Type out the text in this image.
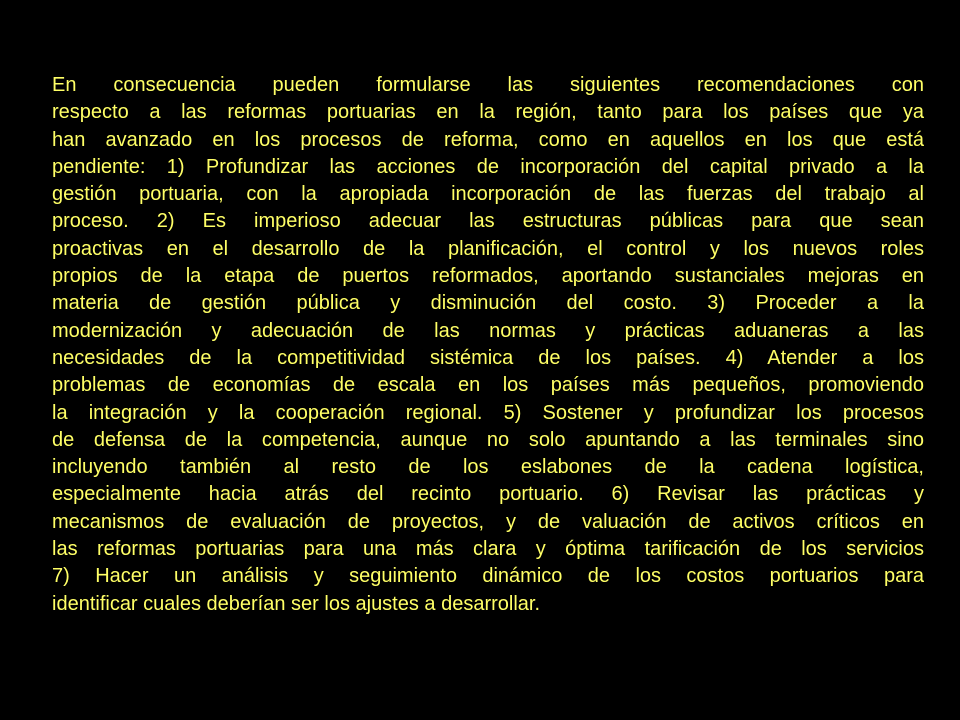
En consecuencia pueden formularse las siguientes recomendaciones con
respecto a las reformas portuarias en la región, tanto para los países que ya
han avanzado en los procesos de reforma, como en aquellos en los que está
pendiente: 1) Profundizar las acciones de incorporación del capital privado a la
gestión portuaria, con la apropiada incorporación de las fuerzas del trabajo al
proceso. 2) Es imperioso adecuar las estructuras públicas para que sean
proactivas en el desarrollo de la planificación, el control y los nuevos roles
propios de la etapa de puertos reformados, aportando sustanciales mejoras en
materia de gestión pública y disminución del costo. 3) Proceder a la
modernización y adecuación de las normas y prácticas aduaneras a las
necesidades de la competitividad sistémica de los países. 4) Atender a los
problemas de economías de escala en los países más pequeños, promoviendo
la integración y la cooperación regional. 5) Sostener y profundizar los procesos
de defensa de la competencia, aunque no solo apuntando a las terminales sino
incluyendo también al resto de los eslabones de la cadena logística,
especialmente hacia atrás del recinto portuario. 6) Revisar las prácticas y
mecanismos de evaluación de proyectos, y de valuación de activos críticos en
las reformas portuarias para una más clara y óptima tarificación de los servicios
7) Hacer un análisis y seguimiento dinámico de los costos portuarios para
identificar cuales deberían ser los ajustes a desarrollar.
